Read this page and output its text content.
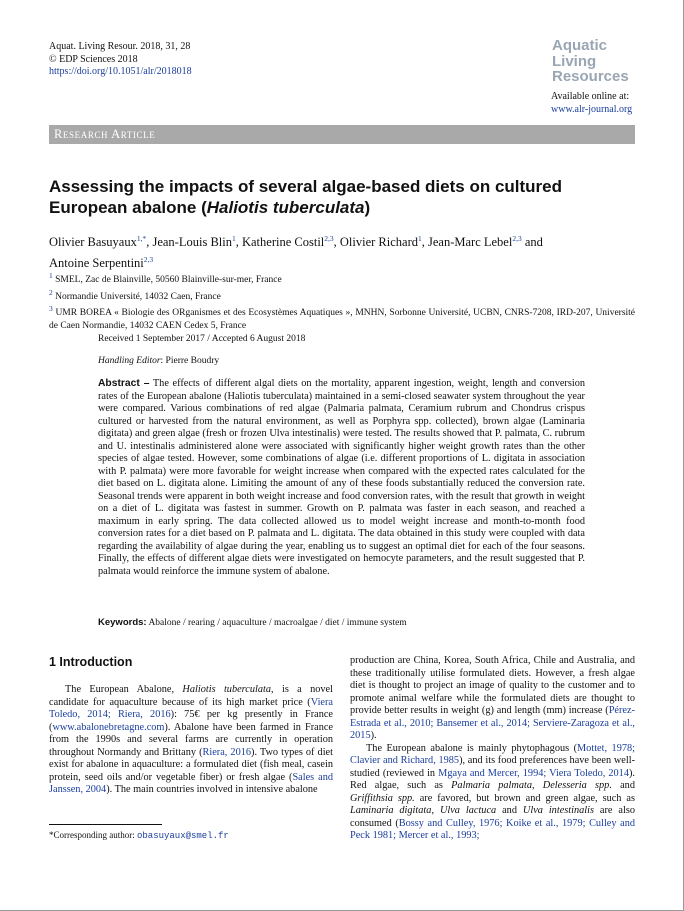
Aquat. Living Resour. 2018, 31, 28
© EDP Sciences 2018
https://doi.org/10.1051/alr/2018018
Aquatic
Living
Resources
Available online at:
www.alr-journal.org
Research Article
Assessing the impacts of several algae-based diets on cultured
European abalone (Haliotis tuberculata)
Olivier Basuyaux$^{1,*}$, Jean-Louis Blin$^1$, Katherine Costil$^{2,3}$, Olivier Richard$^1$, Jean-Marc Lebel$^{2,3}$ and
Antoine Serpentini$^{2,3}$
$^1$ SMEL, Zac de Blainville, 50560 Blainville-sur-mer, France
$^2$ Normandie Université, 14032 Caen, France
$^3$ UMR BOREA « Biologie des ORganismes et des Ecosystèmes Aquatiques », MNHN, Sorbonne Université, UCBN, CNRS-7208, IRD-207, Université de Caen Normandie, 14032 CAEN Cedex 5, France
Received 1 September 2017 / Accepted 6 August 2018
Handling Editor: Pierre Boudry
Abstract – The effects of different algal diets on the mortality, apparent ingestion, weight, length and conversion rates of the European abalone (Haliotis tuberculata) maintained in a semi-closed seawater system throughout the year were compared. Various combinations of red algae (Palmaria palmata, Ceramium rubrum and Chondrus crispus cultured or harvested from the natural environment, as well as Porphyra spp. collected), brown algae (Laminaria digitata) and green algae (fresh or frozen Ulva intestinalis) were tested. The results showed that P. palmata, C. rubrum and U. intestinalis administered alone were associated with significantly higher weight growth rates than the other species of algae tested. However, some combinations of algae (i.e. different proportions of L. digitata in association with P. palmata) were more favorable for weight increase when compared with the expected rates calculated for the diet based on L. digitata alone. Limiting the amount of any of these foods substantially reduced the conversion rate. Seasonal trends were apparent in both weight increase and food conversion rates, with the result that growth in weight on a diet of L. digitata was fastest in summer. Growth on P. palmata was faster in each season, and reached a maximum in early spring. The data collected allowed us to model weight increase and month-to-month food conversion rates for a diet based on P. palmata and L. digitata. The data obtained in this study were coupled with data regarding the availability of algae during the year, enabling us to suggest an optimal diet for each of the four seasons. Finally, the effects of different algae diets were investigated on hemocyte parameters, and the result suggested that P. palmata would reinforce the immune system of abalone.
Keywords: Abalone / rearing / aquaculture / macroalgae / diet / immune system
1 Introduction

The European Abalone, Haliotis tuberculata, is a novel candidate for aquaculture because of its high market price (Viera Toledo, 2014; Riera, 2016): 75€ per kg presently in France (www.abalonebretagne.com). Abalone have been farmed in France from the 1990s and several farms are currently in operation throughout Normandy and Brittany (Riera, 2016). Two types of diet exist for abalone in aquaculture: a formulated diet (fish meal, casein protein, seed oils and/or vegetable fiber) or fresh algae (Sales and Janssen, 2004). The main countries involved in intensive abalone

production are China, Korea, South Africa, Chile and Australia, and these traditionally utilise formulated diets. However, a fresh algae diet is thought to project an image of quality to the customer and to promote animal welfare while the formulated diets are thought to provide better results in weight (g) and length (mm) increase (Pérez-Estrada et al., 2010; Bansemer et al., 2014; Serviere-Zaragoza et al., 2015).

The European abalone is mainly phytophagous (Mottet, 1978; Clavier and Richard, 1985), and its food preferences have been well-studied (reviewed in Mgaya and Mercer, 1994; Viera Toledo, 2014). Red algae, such as Palmaria palmata, Delesseria spp. and Griffithsia spp. are favored, but brown and green algae, such as Laminaria digitata, Ulva lactuca and Ulva intestinalis are also consumed (Bossy and Culley, 1976; Koike et al., 1979; Culley and Peck 1981; Mercer et al., 1993;

*Corresponding author: obasuyaux@smel.fr
